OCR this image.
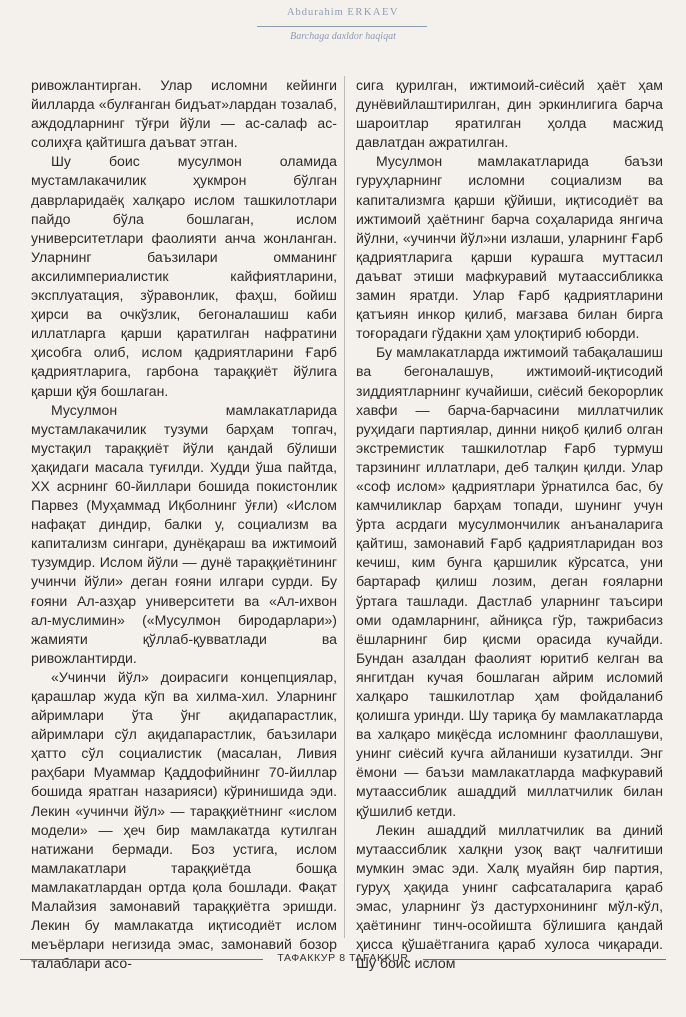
Abdurahim ERKAEV
Barchaga daxldor haqiqat

ривожлантирган. Улар исломни кейинги йилларда «булғанган бидъат»лардан тозалаб, аждодларнинг тўғри йўли — ас-салаф ас-солиҳға қайтишга даъват этган.

Шу боис мусулмон оламида мустамлакачилик ҳукмрон бўлган даврларидаёқ халқаро ислом ташкилотлари пайдо бўла бошлаган, ислом университетлари фаолияти анча жонланган. Уларнинг баъзилари омманинг аксилимпериалистик кайфиятларини, эксплуатация, зўравонлик, фаҳш, бойиш ҳирси ва очкўзлик, бегоналашиш каби иллатларга қарши қаратилган нафратини ҳисобга олиб, ислом қадриятларини Ғарб қадриятларига, гарбона тараққиёт йўлига қарши қўя бошлаган.

Мусулмон мамлакатларида мустамлакачилик тузуми барҳам топгач, мустақил тараққиёт йўли қандай бўлиши ҳақидаги масала туғилди. Худди ўша пайтда, XX асрнинг 60-йиллари бошида покистонлик Парвез (Муҳаммад Иқболнинг ўғли) «Ислом нафақат диндир, балки у, социализм ва капитализм сингари, дунёқараш ва ижтимоий тузумдир. Ислом йўли — дунё тараққиётининг учинчи йўли» деган ғояни илгари сурди. Бу ғояни Ал-азҳар университети ва «Ал-ихвон ал-муслимин» («Мусулмон биродарлари») жамияти қўллаб-қувватлади ва ривожлантирди.

«Учинчи йўл» доирасиги концепциялар, қарашлар жуда кўп ва хилма-хил. Уларнинг айримлари ўта ўнг ақидапарастлик, айримлари сўл ақидапарастлик, баъзилари ҳатто сўл социалистик (масалан, Ливия раҳбари Муаммар Қаддофийнинг 70-йиллар бошида яратган назарияси) кўринишида эди. Лекин «учинчи йўл» — тараққиётнинг «ислом модели» — ҳеч бир мамлакатда кутилган натижани бермади. Боз устига, ислом мамлакатлари тараққиётда бошқа мамлакатлардан ортда қола бошлади. Фақат Малайзия замонавий тараққиётга эришди. Лекин бу мамлакатда иқтисодиёт ислом меъёрлари негизида эмас, замонавий бозор талаблари асо-

сига қурилган, ижтимоий-сиёсий ҳаёт ҳам дунёвийлаштирилган, дин эркинлигига барча шароитлар яратилган ҳолда масжид давлатдан ажратилган.

Мусулмон мамлакатларида баъзи гуруҳларнинг исломни социализм ва капитализмга қарши қўйиши, иқтисодиёт ва ижтимоий ҳаётнинг барча соҳаларида янгича йўлни, «учинчи йўл»ни излаши, уларнинг Ғарб қадриятларига қарши курашга муттасил даъват этиши мафкуравий мутаассибликка замин яратди. Улар Ғарб қадриятларини қатъиян инкор қилиб, мағзава билан бирга тоғорадаги гўдакни ҳам улоқтириб юборди.

Бу мамлакатларда ижтимоий табақалашиш ва бегоналашув, ижтимоий-иқтисодий зиддиятларнинг кучайиши, сиёсий бекорорлик хавфи — барча-барчасини миллатчилик руҳидаги партиялар, динни ниқоб қилиб олган экстремистик ташкилотлар Ғарб турмуш тарзининг иллатлари, деб талқин қилди. Улар «соф ислом» қадриятлари ўрнатилса бас, бу камчиликлар барҳам топади, шунинг учун ўрта асрдаги мусулмончилик анъаналарига қайтиш, замонавий Ғарб қадриятларидан воз кечиш, ким бунга қаршилик кўрсатса, уни бартараф қилиш лозим, деган ғояларни ўртага ташлади. Дастлаб уларнинг таъсири оми одамларнинг, айниқса гўр, тажрибасиз ёшларнинг бир қисми орасида кучайди. Бундан азалдан фаолият юритиб келган ва янгитдан кучая бошлаган айрим исломий халқаро ташкилотлар ҳам фойдаланиб қолишга уринди. Шу тариқа бу мамлакатларда ва халқаро миқёсда исломнинг фаоллашуви, унинг сиёсий кучга айланиши кузатилди. Энг ёмони — баъзи мамлакатларда мафкуравий мутаассиблик ашаддий миллатчилик билан қўшилиб кетди.

Лекин ашаддий миллатчилик ва диний мутаассиблик халқни узоқ вақт чалғитиши мумкин эмас эди. Халқ муайян бир партия, гуруҳ ҳақида унинг сафсаталарига қараб эмас, уларнинг ўз дастурхонининг мўл-кўл, ҳаётининг тинч-осойишта бўлишига қандай ҳисса қўшаётганига қараб хулоса чиқаради. Шу боис ислом

ТАФАККУР 8 TAFAKKUR
